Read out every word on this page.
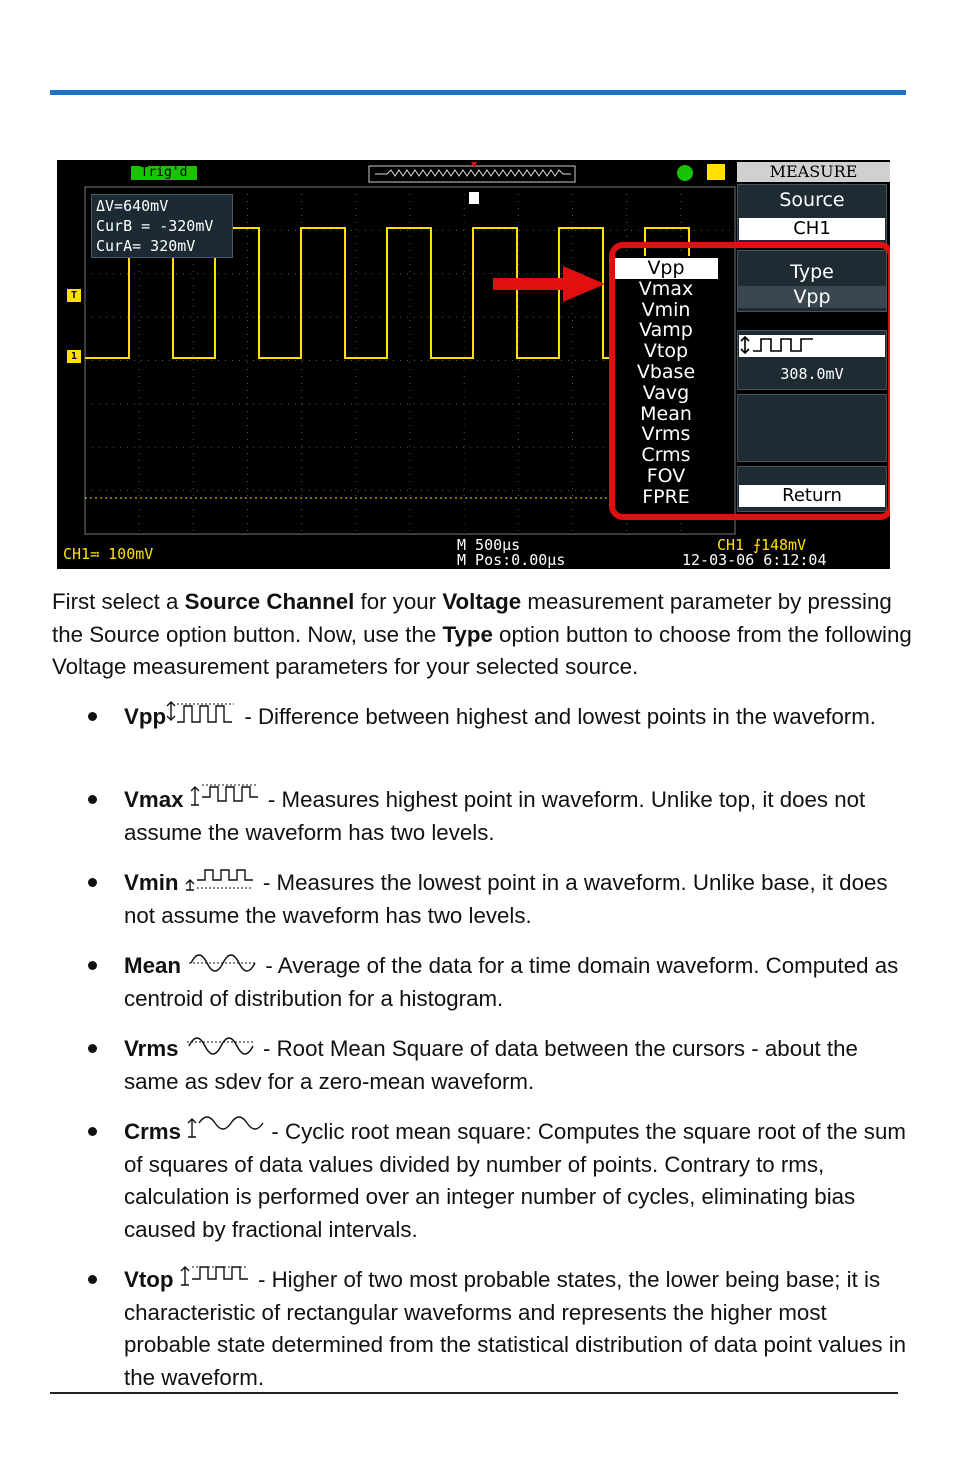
Trig'd
ΔV=640mV
CurB = -320mV
CurA= 320mV
T
1
Vpp
Vmax
Vmin
Vamp
Vtop
Vbase
Vavg
Mean
Vrms
Crms
FOV
FPRE
MEASURE
Source
CH1
Type
Vpp
308.0mV
Return
CH1≕ 100mV	M 500μs
M Pos:0.00μs
CH1 ⨍148mV
12-03-06 6:12:04

First select a Source Channel for your Voltage measurement parameter by pressing the Source option button. Now, use the Type option button to choose from the following Voltage measurement parameters for your selected source.

Vpp	- Difference between highest and lowest points in the waveform.
Vmax	- Measures highest point in waveform. Unlike top, it does not assume the waveform has two levels.
Vmin	- Measures the lowest point in a waveform. Unlike base, it does not assume the waveform has two levels.
Mean	- Average of the data for a time domain waveform. Computed as centroid of distribution for a histogram.
Vrms	- Root Mean Square of data between the cursors - about the same as sdev for a zero-mean waveform.
Crms	- Cyclic root mean square: Computes the square root of the sum of squares of data values divided by number of points. Contrary to rms, calculation is performed over an integer number of cycles, eliminating bias caused by fractional intervals.
Vtop	- Higher of two most probable states, the lower being base; it is characteristic of rectangular waveforms and represents the higher most probable state determined from the statistical distribution of data point values in the waveform.
